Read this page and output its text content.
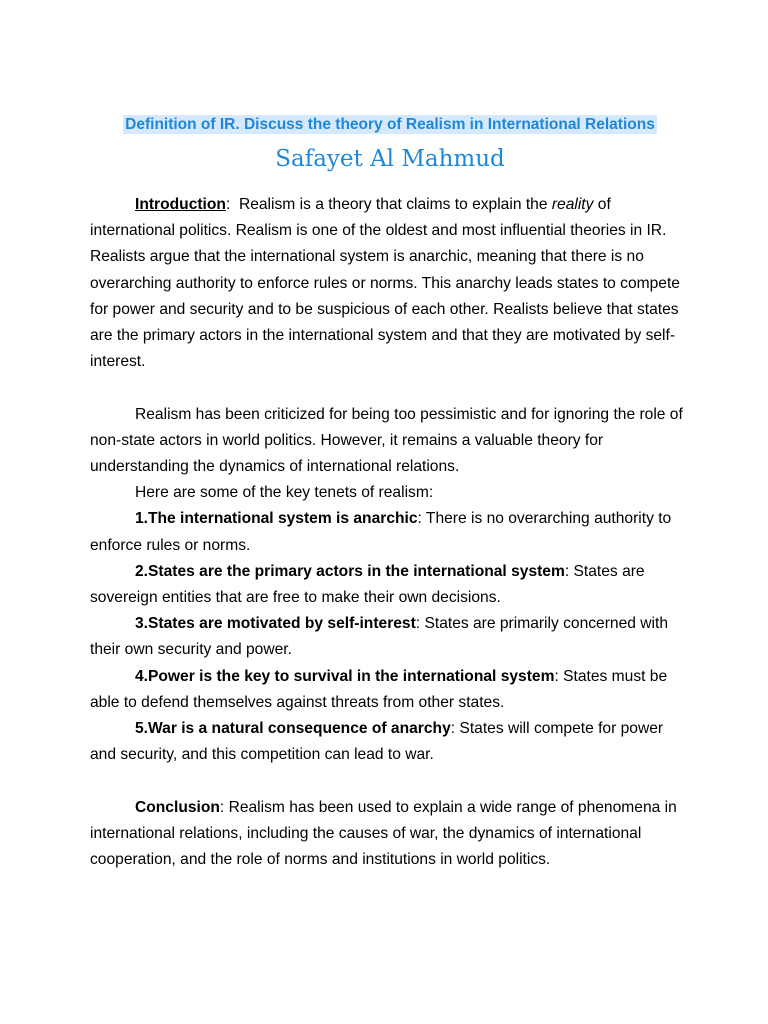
Definition of IR. Discuss the theory of Realism in International Relations

Safayet Al Mahmud

Introduction:  Realism is a theory that claims to explain the reality of international politics. Realism is one of the oldest and most influential theories in IR. Realists argue that the international system is anarchic, meaning that there is no overarching authority to enforce rules or norms. This anarchy leads states to compete for power and security and to be suspicious of each other. Realists believe that states are the primary actors in the international system and that they are motivated by self-interest.

Realism has been criticized for being too pessimistic and for ignoring the role of non-state actors in world politics. However, it remains a valuable theory for understanding the dynamics of international relations.

Here are some of the key tenets of realism:

1.The international system is anarchic: There is no overarching authority to enforce rules or norms.

2.States are the primary actors in the international system: States are sovereign entities that are free to make their own decisions.

3.States are motivated by self-interest: States are primarily concerned with their own security and power.

4.Power is the key to survival in the international system: States must be able to defend themselves against threats from other states.

5.War is a natural consequence of anarchy: States will compete for power and security, and this competition can lead to war.

Conclusion: Realism has been used to explain a wide range of phenomena in international relations, including the causes of war, the dynamics of international cooperation, and the role of norms and institutions in world politics.
